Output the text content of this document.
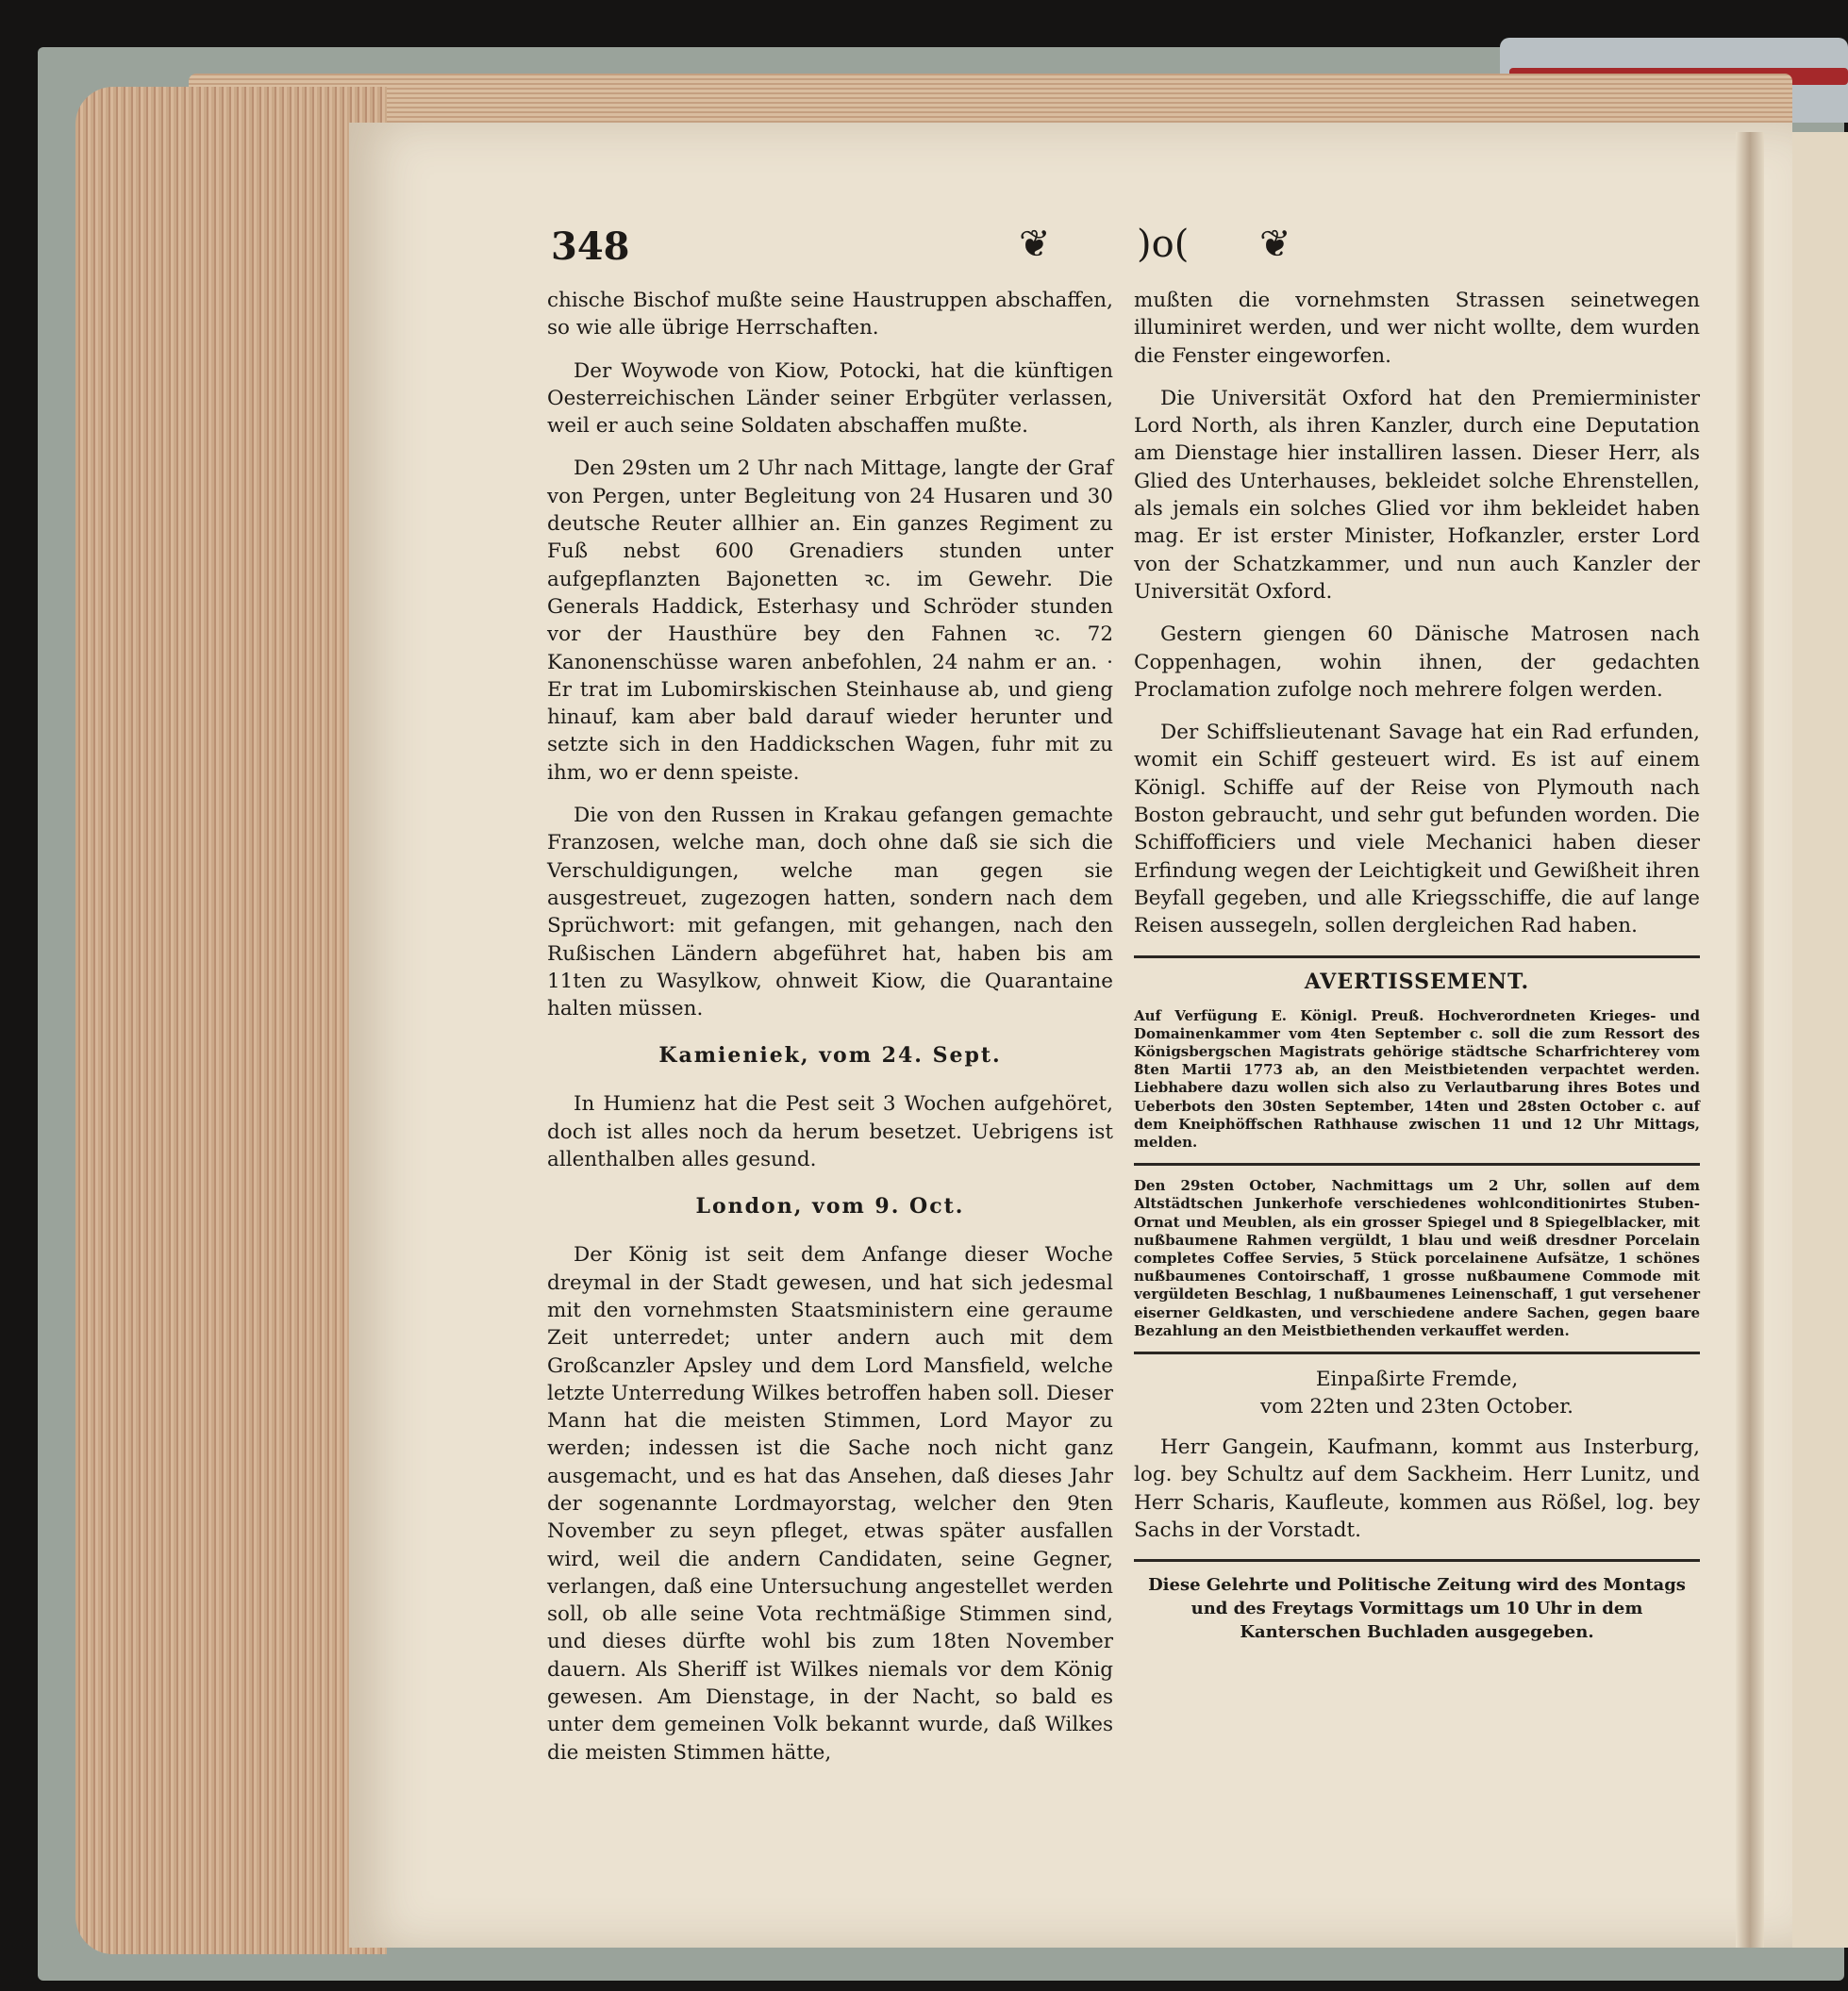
348	❦ )o( ❦

chische Bischof mußte seine Haustruppen abschaffen, so wie alle übrige Herrschaften.

Der Woywode von Kiow, Potocki, hat die künftigen Oesterreichischen Länder seiner Erbgüter verlassen, weil er auch seine Soldaten abschaffen mußte.

Den 29sten um 2 Uhr nach Mittage, langte der Graf von Pergen, unter Begleitung von 24 Husaren und 30 deutsche Reuter allhier an. Ein ganzes Regiment zu Fuß nebst 600 Grenadiers stunden unter aufgepflanzten Bajonetten ꝛc. im Gewehr. Die Generals Haddick, Esterhasy und Schröder stunden vor der Hausthüre bey den Fahnen ꝛc. 72 Kanonenschüsse waren anbefohlen, 24 nahm er an. · Er trat im Lubomirskischen Steinhause ab, und gieng hinauf, kam aber bald darauf wieder herunter und setzte sich in den Haddickschen Wagen, fuhr mit zu ihm, wo er denn speiste.

Die von den Russen in Krakau gefangen gemachte Franzosen, welche man, doch ohne daß sie sich die Verschuldigungen, welche man gegen sie ausgestreuet, zugezogen hatten, sondern nach dem Sprüchwort: mit gefangen, mit gehangen, nach den Rußischen Ländern abgeführet hat, haben bis am 11ten zu Wasylkow, ohnweit Kiow, die Quarantaine halten müssen.

Kamieniek, vom 24. Sept.

In Humienz hat die Pest seit 3 Wochen aufgehöret, doch ist alles noch da herum besetzet. Uebrigens ist allenthalben alles gesund.

London, vom 9. Oct.

Der König ist seit dem Anfange dieser Woche dreymal in der Stadt gewesen, und hat sich jedesmal mit den vornehmsten Staatsministern eine geraume Zeit unterredet; unter andern auch mit dem Großcanzler Apsley und dem Lord Mansfield, welche letzte Unterredung Wilkes betroffen haben soll. Dieser Mann hat die meisten Stimmen, Lord Mayor zu werden; indessen ist die Sache noch nicht ganz ausgemacht, und es hat das Ansehen, daß dieses Jahr der sogenannte Lordmayorstag, welcher den 9ten November zu seyn pfleget, etwas später ausfallen wird, weil die andern Candidaten, seine Gegner, verlangen, daß eine Untersuchung angestellet werden soll, ob alle seine Vota rechtmäßige Stimmen sind, und dieses dürfte wohl bis zum 18ten November dauern. Als Sheriff ist Wilkes niemals vor dem König gewesen. Am Dienstage, in der Nacht, so bald es unter dem gemeinen Volk bekannt wurde, daß Wilkes die meisten Stimmen hätte,

mußten die vornehmsten Strassen seinetwegen illuminiret werden, und wer nicht wollte, dem wurden die Fenster eingeworfen.

Die Universität Oxford hat den Premierminister Lord North, als ihren Kanzler, durch eine Deputation am Dienstage hier installiren lassen. Dieser Herr, als Glied des Unterhauses, bekleidet solche Ehrenstellen, als jemals ein solches Glied vor ihm bekleidet haben mag. Er ist erster Minister, Hofkanzler, erster Lord von der Schatzkammer, und nun auch Kanzler der Universität Oxford.

Gestern giengen 60 Dänische Matrosen nach Coppenhagen, wohin ihnen, der gedachten Proclamation zufolge noch mehrere folgen werden.

Der Schiffslieutenant Savage hat ein Rad erfunden, womit ein Schiff gesteuert wird. Es ist auf einem Königl. Schiffe auf der Reise von Plymouth nach Boston gebraucht, und sehr gut befunden worden. Die Schiffofficiers und viele Mechanici haben dieser Erfindung wegen der Leichtigkeit und Gewißheit ihren Beyfall gegeben, und alle Kriegsschiffe, die auf lange Reisen aussegeln, sollen dergleichen Rad haben.

AVERTISSEMENT.

Auf Verfügung E. Königl. Preuß. Hochverordneten Krieges- und Domainenkammer vom 4ten September c. soll die zum Ressort des Königsbergschen Magistrats gehörige städtsche Scharfrichterey vom 8ten Martii 1773 ab, an den Meistbietenden verpachtet werden. Liebhabere dazu wollen sich also zu Verlautbarung ihres Botes und Ueberbots den 30sten September, 14ten und 28sten October c. auf dem Kneiphöffschen Rathhause zwischen 11 und 12 Uhr Mittags, melden.

Den 29sten October, Nachmittags um 2 Uhr, sollen auf dem Altstädtschen Junkerhofe verschiedenes wohlconditionirtes Stuben-Ornat und Meublen, als ein grosser Spiegel und 8 Spiegelblacker, mit nußbaumene Rahmen vergüldt, 1 blau und weiß dresdner Porcelain completes Coffee Servies, 5 Stück porcelainene Aufsätze, 1 schönes nußbaumenes Contoirschaff, 1 grosse nußbaumene Commode mit vergüldeten Beschlag, 1 nußbaumenes Leinenschaff, 1 gut versehener eiserner Geldkasten, und verschiedene andere Sachen, gegen baare Bezahlung an den Meistbiethenden verkauffet werden.

Einpaßirte Fremde,
vom 22ten und 23ten October.

Herr Gangein, Kaufmann, kommt aus Insterburg, log. bey Schultz auf dem Sackheim. Herr Lunitz, und Herr Scharis, Kaufleute, kommen aus Rößel, log. bey Sachs in der Vorstadt.

Diese Gelehrte und Politische Zeitung wird des Montags und des Freytags Vormittags um 10 Uhr in dem Kanterschen Buchladen ausgegeben.
